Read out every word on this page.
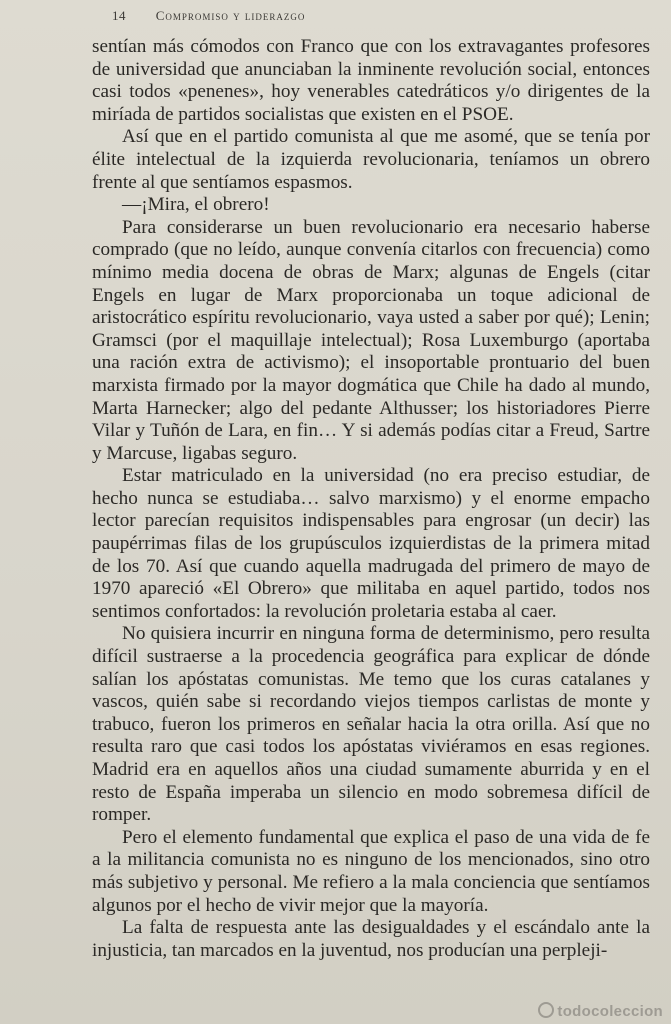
14 Compromiso y liderazgo

sentían más cómodos con Franco que con los extravagantes profesores de universidad que anunciaban la inminente revolución social, entonces casi todos «penenes», hoy venerables catedráticos y/o dirigentes de la miríada de partidos socialistas que existen en el PSOE.

Así que en el partido comunista al que me asomé, que se tenía por élite intelectual de la izquierda revolucionaria, teníamos un obrero frente al que sentíamos espasmos.

—¡Mira, el obrero!

Para considerarse un buen revolucionario era necesario haberse comprado (que no leído, aunque convenía citarlos con frecuencia) como mínimo media docena de obras de Marx; algunas de Engels (citar Engels en lugar de Marx proporcionaba un toque adicional de aristocrático espíritu revolucionario, vaya usted a saber por qué); Lenin; Gramsci (por el maquillaje intelectual); Rosa Luxemburgo (aportaba una ración extra de activismo); el insoportable prontuario del buen marxista firmado por la mayor dogmática que Chile ha dado al mundo, Marta Harnecker; algo del pedante Althusser; los historiadores Pierre Vilar y Tuñón de Lara, en fin… Y si además podías citar a Freud, Sartre y Marcuse, ligabas seguro.

Estar matriculado en la universidad (no era preciso estudiar, de hecho nunca se estudiaba… salvo marxismo) y el enorme empacho lector parecían requisitos indispensables para engrosar (un decir) las paupérrimas filas de los grupúsculos izquierdistas de la primera mitad de los 70. Así que cuando aquella madrugada del primero de mayo de 1970 apareció «El Obrero» que militaba en aquel partido, todos nos sentimos confortados: la revolución proletaria estaba al caer.

No quisiera incurrir en ninguna forma de determinismo, pero resulta difícil sustraerse a la procedencia geográfica para explicar de dónde salían los apóstatas comunistas. Me temo que los curas catalanes y vascos, quién sabe si recordando viejos tiempos carlistas de monte y trabuco, fueron los primeros en señalar hacia la otra orilla. Así que no resulta raro que casi todos los apóstatas viviéramos en esas regiones. Madrid era en aquellos años una ciudad sumamente aburrida y en el resto de España imperaba un silencio en modo sobremesa difícil de romper.

Pero el elemento fundamental que explica el paso de una vida de fe a la militancia comunista no es ninguno de los mencionados, sino otro más subjetivo y personal. Me refiero a la mala conciencia que sentíamos algunos por el hecho de vivir mejor que la mayoría.

La falta de respuesta ante las desigualdades y el escándalo ante la injusticia, tan marcados en la juventud, nos producían una perpleji-

todocoleccion
